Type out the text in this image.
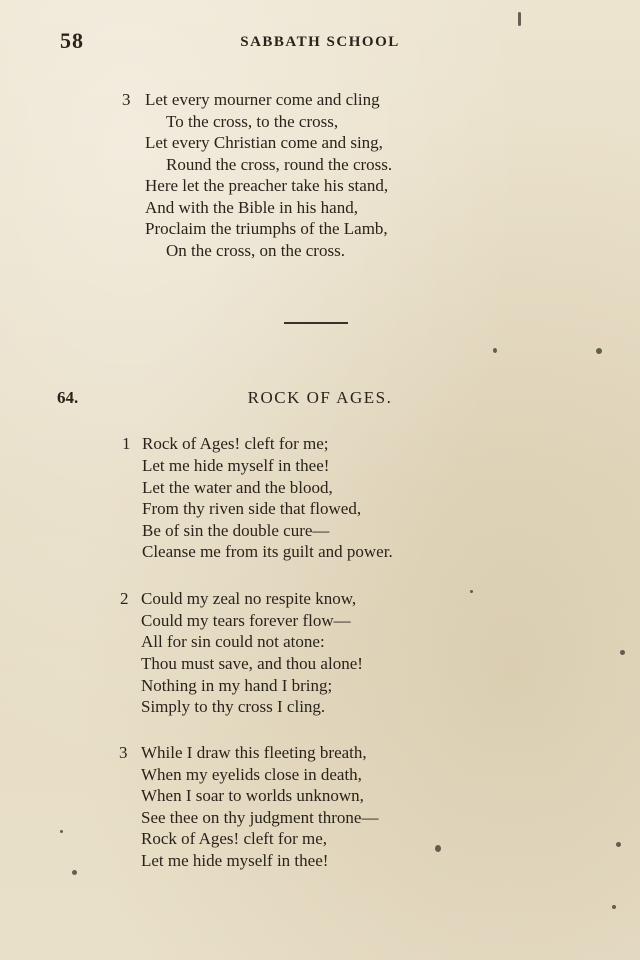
58	SABBATH SCHOOL
3 Let every mourner come and cling
To the cross, to the cross,
Let every Christian come and sing,
Round the cross, round the cross.
Here let the preacher take his stand,
And with the Bible in his hand,
Proclaim the triumphs of the Lamb,
On the cross, on the cross.
64.	ROCK OF AGES.
1 Rock of Ages! cleft for me;
Let me hide myself in thee!
Let the water and the blood,
From thy riven side that flowed,
Be of sin the double cure—
Cleanse me from its guilt and power.
2 Could my zeal no respite know,
Could my tears forever flow—
All for sin could not atone:
Thou must save, and thou alone!
Nothing in my hand I bring;
Simply to thy cross I cling.
3 While I draw this fleeting breath,
When my eyelids close in death,
When I soar to worlds unknown,
See thee on thy judgment throne—
Rock of Ages! cleft for me,
Let me hide myself in thee!
